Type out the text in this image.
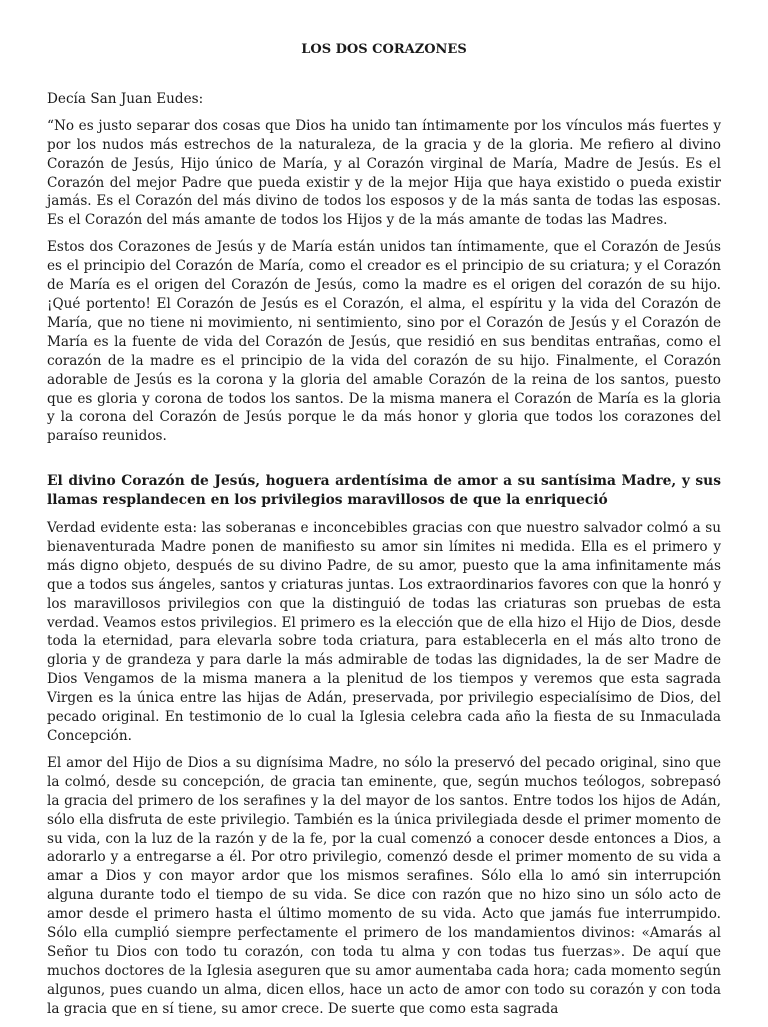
LOS DOS CORAZONES

Decía San Juan Eudes:

“No es justo separar dos cosas que Dios ha unido tan íntimamente por los vínculos más fuertes y por los nudos más estrechos de la naturaleza, de la gracia y de la gloria. Me refiero al divino Corazón de Jesús, Hijo único de María, y al Corazón virginal de María, Madre de Jesús. Es el Corazón del mejor Padre que pueda existir y de la mejor Hija que haya existido o pueda existir jamás. Es el Corazón del más divino de todos los esposos y de la más santa de todas las esposas. Es el Corazón del más amante de todos los Hijos y de la más amante de todas las Madres.

Estos dos Corazones de Jesús y de María están unidos tan íntimamente, que el Corazón de Jesús es el principio del Corazón de María, como el creador es el principio de su criatura; y el Corazón de María es el origen del Corazón de Jesús, como la madre es el origen del corazón de su hijo. ¡Qué portento! El Corazón de Jesús es el Corazón, el alma, el espíritu y la vida del Corazón de María, que no tiene ni movimiento, ni sentimiento, sino por el Corazón de Jesús y el Corazón de María es la fuente de vida del Corazón de Jesús, que residió en sus benditas entrañas, como el corazón de la madre es el principio de la vida del corazón de su hijo. Finalmente, el Corazón adorable de Jesús es la corona y la gloria del amable Corazón de la reina de los santos, puesto que es gloria y corona de todos los santos. De la misma manera el Corazón de María es la gloria y la corona del Corazón de Jesús porque le da más honor y gloria que todos los corazones del paraíso reunidos.

El divino Corazón de Jesús, hoguera ardentísima de amor a su santísima Madre, y sus llamas resplandecen en los privilegios maravillosos de que la enriqueció

Verdad evidente esta: las soberanas e inconcebibles gracias con que nuestro salvador colmó a su bienaventurada Madre ponen de manifiesto su amor sin límites ni medida. Ella es el primero y más digno objeto, después de su divino Padre, de su amor, puesto que la ama infinitamente más que a todos sus ángeles, santos y criaturas juntas. Los extraordinarios favores con que la honró y los maravillosos privilegios con que la distinguió de todas las criaturas son pruebas de esta verdad. Veamos estos privilegios. El primero es la elección que de ella hizo el Hijo de Dios, desde toda la eternidad, para elevarla sobre toda criatura, para establecerla en el más alto trono de gloria y de grandeza y para darle la más admirable de todas las dignidades, la de ser Madre de Dios Vengamos de la misma manera a la plenitud de los tiempos y veremos que esta sagrada Virgen es la única entre las hijas de Adán, preservada, por privilegio especialísimo de Dios, del pecado original. En testimonio de lo cual la Iglesia celebra cada año la fiesta de su Inmaculada Concepción.

El amor del Hijo de Dios a su dignísima Madre, no sólo la preservó del pecado original, sino que la colmó, desde su concepción, de gracia tan eminente, que, según muchos teólogos, sobrepasó la gracia del primero de los serafines y la del mayor de los santos. Entre todos los hijos de Adán, sólo ella disfruta de este privilegio. También es la única privilegiada desde el primer momento de su vida, con la luz de la razón y de la fe, por la cual comenzó a conocer desde entonces a Dios, a adorarlo y a entregarse a él. Por otro privilegio, comenzó desde el primer momento de su vida a amar a Dios y con mayor ardor que los mismos serafines. Sólo ella lo amó sin interrupción alguna durante todo el tiempo de su vida. Se dice con razón que no hizo sino un sólo acto de amor desde el primero hasta el último momento de su vida. Acto que jamás fue interrumpido. Sólo ella cumplió siempre perfectamente el primero de los mandamientos divinos: «Amarás al Señor tu Dios con todo tu corazón, con toda tu alma y con todas tus fuerzas». De aquí que muchos doctores de la Iglesia aseguren que su amor aumentaba cada hora; cada momento según algunos, pues cuando un alma, dicen ellos, hace un acto de amor con todo su corazón y con toda la gracia que en sí tiene, su amor crece. De suerte que como esta sagrada
